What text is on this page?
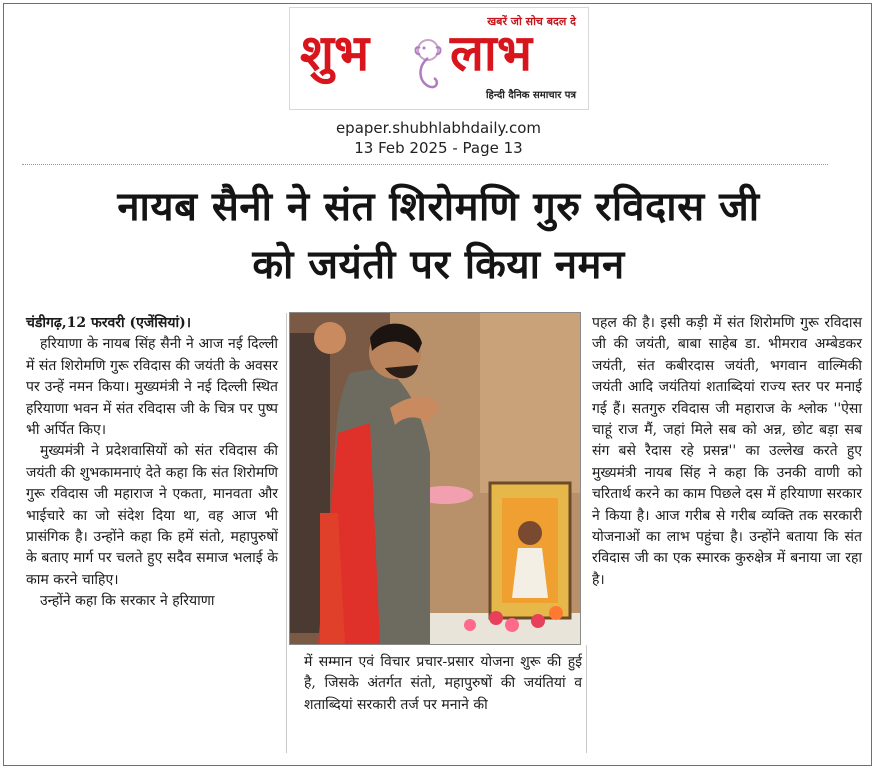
खबरें जो सोच बदल दे
शुभ लाभ
हिन्दी दैनिक समाचार पत्र
epaper.shubhlabhdaily.com
13 Feb 2025 - Page 13
नायब सैनी ने संत शिरोमणि गुरु रविदास जी
को जयंती पर किया नमन

चंडीगढ़,12 फरवरी (एजेंसियां)।

हरियाणा के नायब सिंह सैनी ने आज नई दिल्ली में संत शिरोमणि गुरू रविदास की जयंती के अवसर पर उन्हें नमन किया। मुख्यमंत्री ने नई दिल्ली स्थित हरियाणा भवन में संत रविदास जी के चित्र पर पुष्प भी अर्पित किए।

मुख्यमंत्री ने प्रदेशवासियों को संत रविदास की जयंती की शुभकामनाएं देते कहा कि संत शिरोमणि गुरू रविदास जी महाराज ने एकता, मानवता और भाईचारे का जो संदेश दिया था, वह आज भी प्रासंगिक है। उन्होंने कहा कि हमें संतो, महापुरुषों के बताए मार्ग पर चलते हुए सदैव समाज भलाई के काम करने चाहिए।

उन्होंने कहा कि सरकार ने हरियाणा

में सम्मान एवं विचार प्रचार-प्रसार योजना शुरू की हुई है, जिसके अंतर्गत संतो, महापुरुषों की जयंतियां व शताब्दियां सरकारी तर्ज पर मनाने की

पहल की है। इसी कड़ी में संत शिरोमणि गुरू रविदास जी की जयंती, बाबा साहेब डा. भीमराव अम्बेडकर जयंती, संत कबीरदास जयंती, भगवान वाल्मिकी जयंती आदि जयंतियां शताब्दियां राज्य स्तर पर मनाई गई हैं। सतगुरु रविदास जी महाराज के श्लोक ''ऐसा चाहूं राज मैं, जहां मिले सब को अन्न, छोट बड़ा सब संग बसे रैदास रहे प्रसन्न'' का उल्लेख करते हुए मुख्यमंत्री नायब सिंह ने कहा कि उनकी वाणी को चरितार्थ करने का काम पिछले दस में हरियाणा सरकार ने किया है। आज गरीब से गरीब व्यक्ति तक सरकारी योजनाओं का लाभ पहुंचा है। उन्होंने बताया कि संत रविदास जी का एक स्मारक कुरुक्षेत्र में बनाया जा रहा है।
